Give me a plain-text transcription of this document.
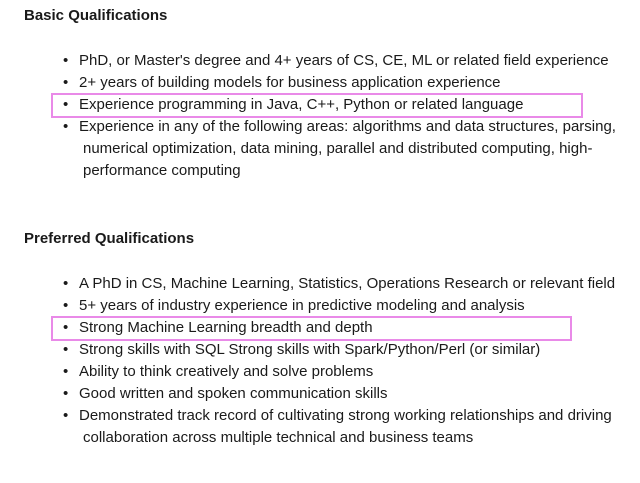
Basic Qualifications
• PhD, or Master's degree and 4+ years of CS, CE, ML or related field experience
• 2+ years of building models for business application experience
• Experience programming in Java, C++, Python or related language
• Experience in any of the following areas: algorithms and data structures, parsing, numerical optimization, data mining, parallel and distributed computing, high-performance computing
Preferred Qualifications
• A PhD in CS, Machine Learning, Statistics, Operations Research or relevant field
• 5+ years of industry experience in predictive modeling and analysis
• Strong Machine Learning breadth and depth
• Strong skills with SQL Strong skills with Spark/Python/Perl (or similar)
• Ability to think creatively and solve problems
• Good written and spoken communication skills
• Demonstrated track record of cultivating strong working relationships and driving collaboration across multiple technical and business teams
